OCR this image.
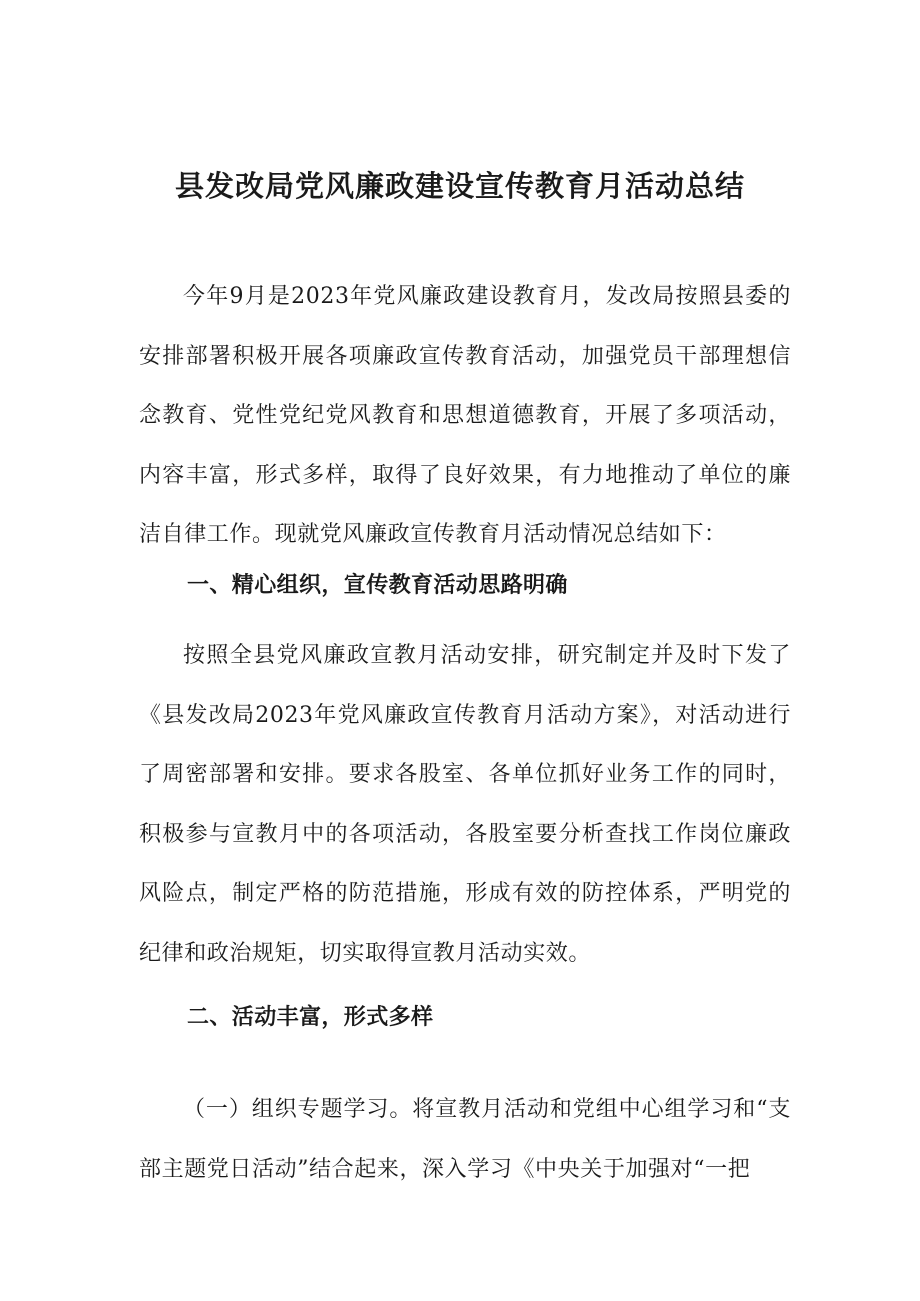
县发改局党风廉政建设宣传教育月活动总结
今年9月是2023年党风廉政建设教育月，发改局按照县委的安排部署积极开展各项廉政宣传教育活动，加强党员干部理想信念教育、党性党纪党风教育和思想道德教育，开展了多项活动，内容丰富，形式多样，取得了良好效果，有力地推动了单位的廉洁自律工作。现就党风廉政宣传教育月活动情况总结如下：
一、精心组织，宣传教育活动思路明确
按照全县党风廉政宣教月活动安排，研究制定并及时下发了《县发改局2023年党风廉政宣传教育月活动方案》，对活动进行了周密部署和安排。要求各股室、各单位抓好业务工作的同时，积极参与宣教月中的各项活动，各股室要分析查找工作岗位廉政风险点，制定严格的防范措施，形成有效的防控体系，严明党的纪律和政治规矩，切实取得宣教月活动实效。
二、活动丰富，形式多样
（一）组织专题学习。将宣教月活动和党组中心组学习和“支部主题党日活动”结合起来，深入学习《中央关于加强对“一把
